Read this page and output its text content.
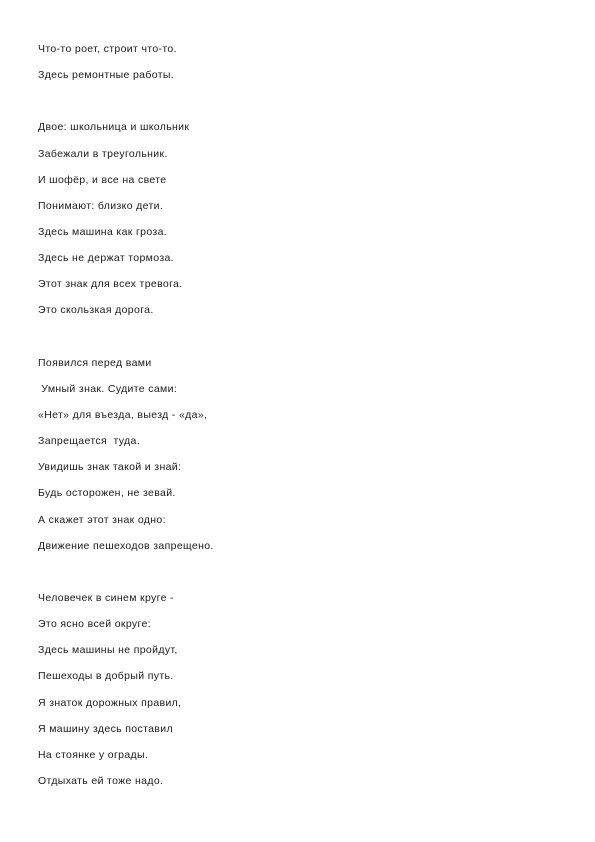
Что-то роет, строит что-то.
Здесь ремонтные работы.
Двое: школьница и школьник
Забежали в треугольник.
И шофёр, и все на свете
Понимают: близко дети.
Здесь машина как гроза.
Здесь не держат тормоза.
Этот знак для всех тревога.
Это скользкая дорога.
Появился перед вами
Умный знак. Судите сами:
«Нет» для въезда, выезд - «да»,
Запрещается  туда.
Увидишь знак такой и знай:
Будь осторожен, не зевай.
А скажет этот знак одно:
Движение пешеходов запрещено.
Человечек в синем круге -
Это ясно всей округе:
Здесь машины не пройдут,
Пешеходы в добрый путь.
Я знаток дорожных правил,
Я машину здесь поставил
На стоянке у ограды.
Отдыхать ей тоже надо.
